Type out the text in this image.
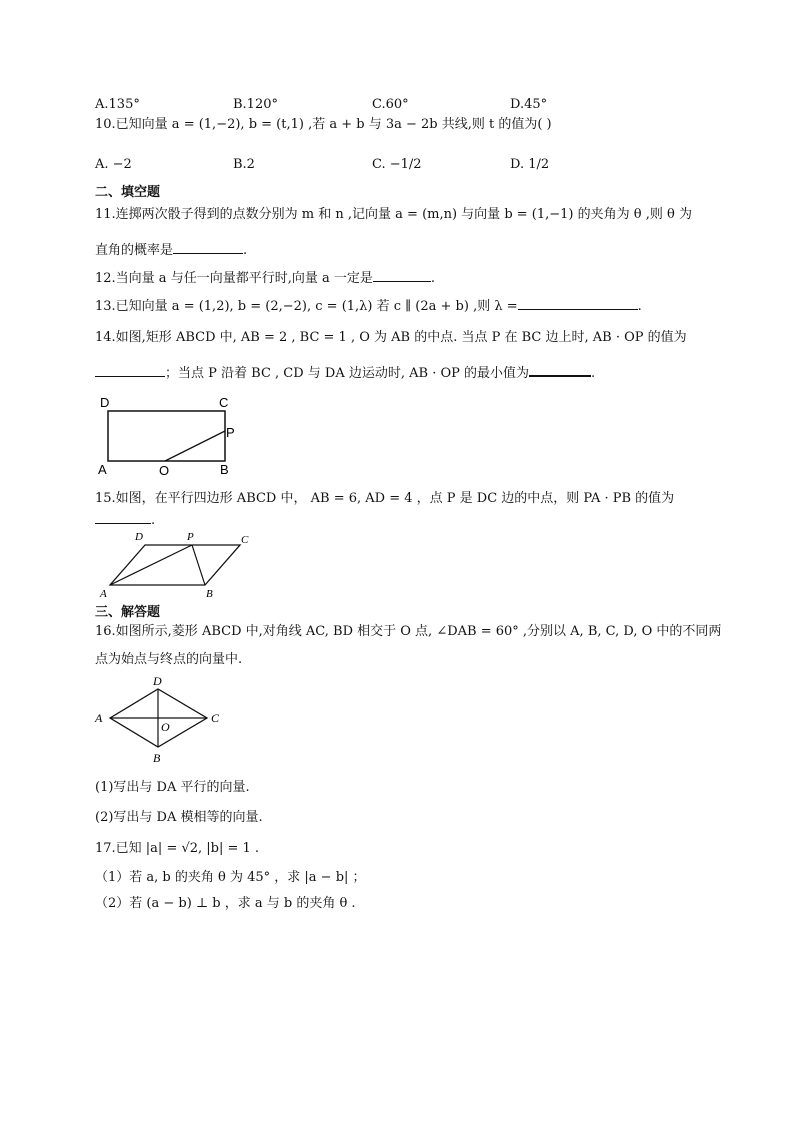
A.135°	B.120°	C.60°	D.45°
10.已知向量 a = (1,−2), b = (t,1) ,若 a + b 与 3a − 2b 共线,则 t 的值为( )
A. −2	B.2	C. −1/2	D. 1/2
二、填空题
11.连掷两次骰子得到的点数分别为 m 和 n ,记向量 a = (m,n) 与向量 b = (1,−1) 的夹角为 θ ,则 θ 为
直角的概率是	.
12.当向量 a 与任一向量都平行时,向量 a 一定是	.
13.已知向量 a = (1,2), b = (2,−2), c = (1,λ) 若 c ∥ (2a + b) ,则 λ =	.
14.如图,矩形 ABCD 中, AB = 2 , BC = 1 , O 为 AB 的中点. 当点 P 在 BC 边上时, AB · OP 的值为
；当点 P 沿着 BC , CD 与 DA 边运动时, AB · OP 的最小值为	.
D	C
P
A	O	B
15.如图，在平行四边形 ABCD 中， AB = 6, AD = 4 ，点 P 是 DC 边的中点，则 PA · PB 的值为
.
D	P	C
A	B
三、解答题
16.如图所示,菱形 ABCD 中,对角线 AC, BD 相交于 O 点, ∠DAB = 60° ,分别以 A, B, C, D, O 中的不同两
点为始点与终点的向量中.
D
A
O
C
B
(1)写出与 DA 平行的向量.
(2)写出与 DA 模相等的向量.
17.已知 |a| = √2, |b| = 1 .
（1）若 a, b 的夹角 θ 为 45° ，求 |a − b| ；
（2）若 (a − b) ⊥ b ，求 a 与 b 的夹角 θ .
